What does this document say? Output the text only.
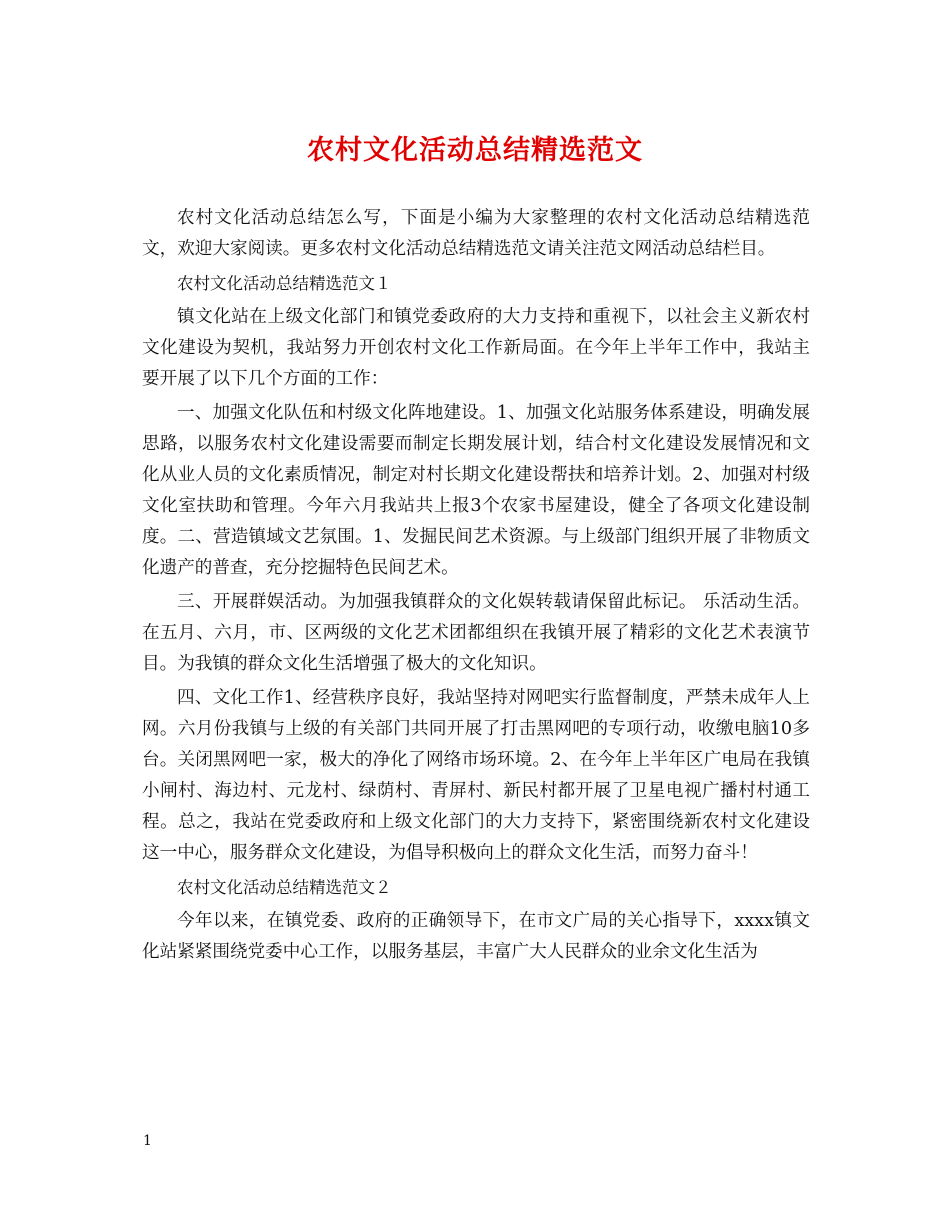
农村文化活动总结精选范文

农村文化活动总结怎么写，下面是小编为大家整理的农村文化活动总结精选范文，欢迎大家阅读。更多农村文化活动总结精选范文请关注范文网活动总结栏目。

农村文化活动总结精选范文１

镇文化站在上级文化部门和镇党委政府的大力支持和重视下，以社会主义新农村文化建设为契机，我站努力开创农村文化工作新局面。在今年上半年工作中，我站主要开展了以下几个方面的工作：

一、加强文化队伍和村级文化阵地建设。1、加强文化站服务体系建设，明确发展思路，以服务农村文化建设需要而制定长期发展计划，结合村文化建设发展情况和文化从业人员的文化素质情况，制定对村长期文化建设帮扶和培养计划。2、加强对村级文化室扶助和管理。今年六月我站共上报3个农家书屋建设，健全了各项文化建设制度。二、营造镇域文艺氛围。1、发掘民间艺术资源。与上级部门组织开展了非物质文化遗产的普查，充分挖掘特色民间艺术。

三、开展群娱活动。为加强我镇群众的文化娱转载请保留此标记。 乐活动生活。在五月、六月，市、区两级的文化艺术团都组织在我镇开展了精彩的文化艺术表演节目。为我镇的群众文化生活增强了极大的文化知识。

四、文化工作1、经营秩序良好，我站坚持对网吧实行监督制度，严禁未成年人上网。六月份我镇与上级的有关部门共同开展了打击黑网吧的专项行动，收缴电脑10多台。关闭黑网吧一家，极大的净化了网络市场环境。2、在今年上半年区广电局在我镇小闸村、海边村、元龙村、绿荫村、青屏村、新民村都开展了卫星电视广播村村通工程。总之，我站在党委政府和上级文化部门的大力支持下，紧密围绕新农村文化建设这一中心，服务群众文化建设，为倡导积极向上的群众文化生活，而努力奋斗！

农村文化活动总结精选范文２

今年以来，在镇党委、政府的正确领导下，在市文广局的关心指导下，xxxx镇文化站紧紧围绕党委中心工作，以服务基层，丰富广大人民群众的业余文化生活为

1
